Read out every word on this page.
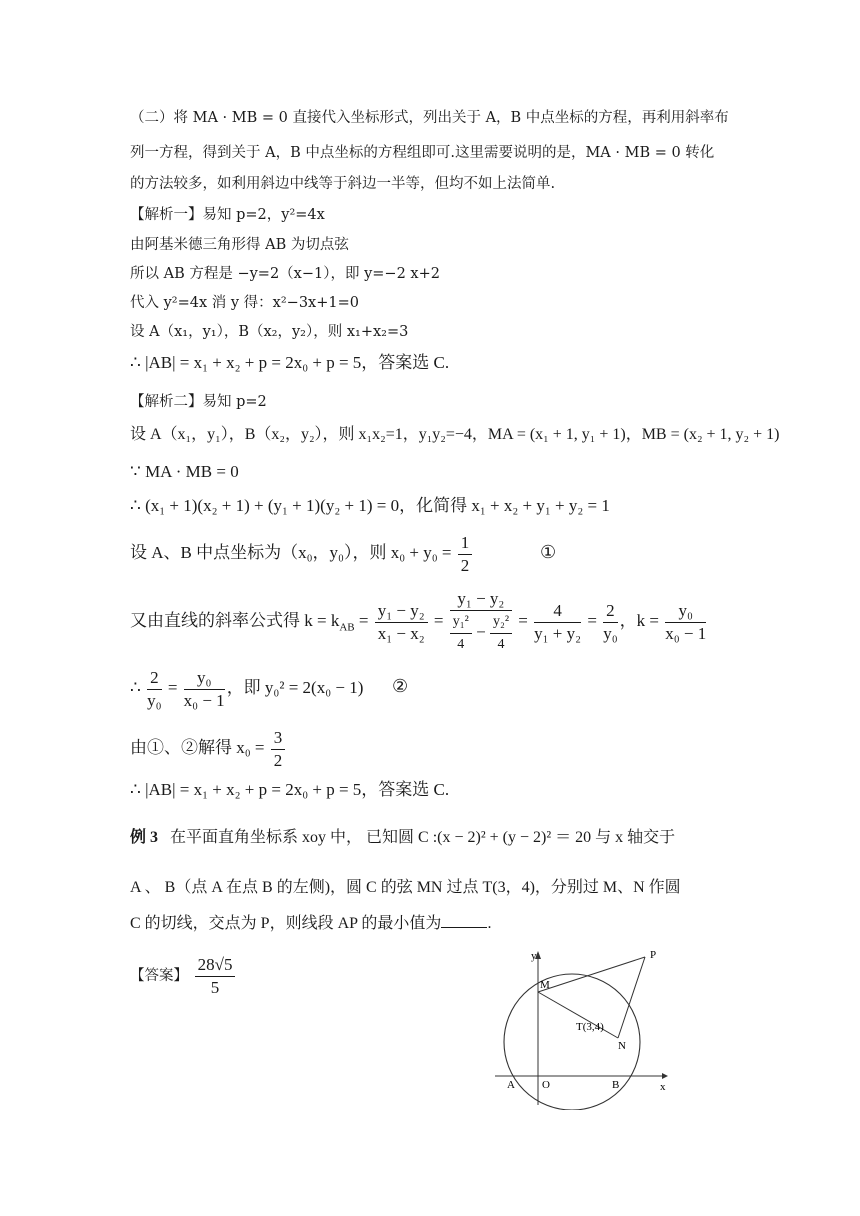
（二）将 MA · MB = 0 直接代入坐标形式，列出关于 A，B 中点坐标的方程，再利用斜率布
列一方程，得到关于 A，B 中点坐标的方程组即可.这里需要说明的是，MA · MB = 0 转化
的方法较多，如利用斜边中线等于斜边一半等，但均不如上法简单.
【解析一】易知 p=2，y²=4x
由阿基米德三角形得 AB 为切点弦
所以 AB 方程是 −y=2（x−1），即 y=−2 x+2
代入 y²=4x 消 y 得：x²−3x+1=0
设 A（x₁，y₁），B（x₂，y₂），则 x₁+x₂=3
∴ |AB| = x₁ + x₂ + p = 2x₀ + p = 5，答案选 C.
【解析二】易知 p=2
设 A（x₁，y₁），B（x₂，y₂），则 x₁x₂=1，y₁y₂=−4，MA = (x₁ + 1, y₁ + 1)，MB = (x₂ + 1, y₂ + 1)
∵ MA · MB = 0
∴ (x₁ + 1)(x₂ + 1) + (y₁ + 1)(y₂ + 1) = 0，化简得 x₁ + x₂ + y₁ + y₂ = 1
设 A、B 中点坐标为（x₀，y₀），则 $x_0 + y_0 = \frac{1}{2}$	①
又由直线的斜率公式得 $k = k_{AB} = \frac{\text{y₁ − y₂}}{\text{x₁ − x₂}} = \frac{\text{y₁ − y₂}}{\frac{\text{y₁²}}{4} - \frac{\text{y₂²}}{4}} = \frac{4}{\text{y₁ + y₂}} = \frac{2}{\text{y₀}}$ ，$k = \frac{\text{y₀}}{\text{x₀ − 1}}$
∴ $\frac{2}{\text{y₀}} = \frac{\text{y₀}}{\text{x₀ − 1}}$ ，即 y₀² = 2(x₀ − 1) ②
由①、②解得 $x_0 = \frac{3}{2}$
∴ |AB| = x₁ + x₂ + p = 2x₀ + p = 5，答案选 C.
例 3 在平面直角坐标系 xoy 中， 已知圆 C :(x − 2)² + (y − 2)² ＝ 20 与 x 轴交于
A 、 B（点 A 在点 B 的左侧)，圆 C 的弦 MN 过点 T(3，4)，分别过 M、N 作圆
C 的切线，交点为 P，则线段 AP 的最小值为	.
【答案】 $\frac{28√5}{5}$	y
x
M
P
T(3,4)
N
A O	B
